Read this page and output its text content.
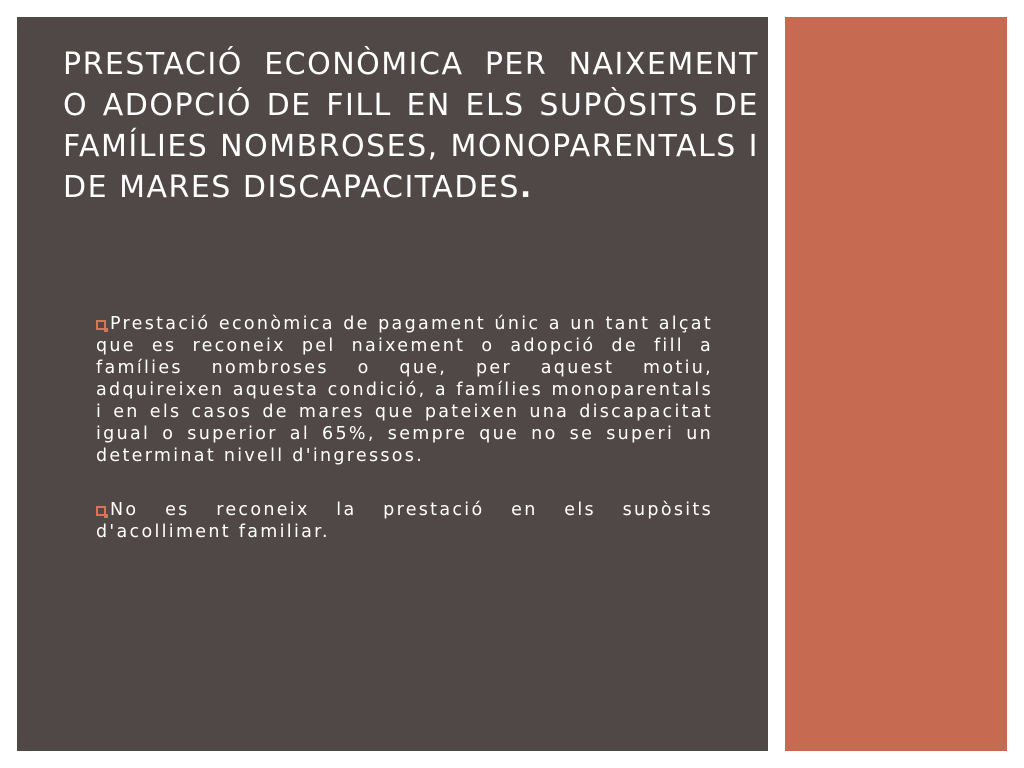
PRESTACIÓ ECONÒMICA PER NAIXEMENT O ADOPCIÓ DE FILL EN ELS SUPÒSITS DE FAMÍLIES NOMBROSES, MONOPARENTALS I DE MARES DISCAPACITADES.
Prestació econòmica de pagament únic a un tant alçat que es reconeix pel naixement o adopció de fill a famílies nombroses o que, per aquest motiu, adquireixen aquesta condició, a famílies monoparentals i en els casos de mares que pateixen una discapacitat igual o superior al 65%, sempre que no se superi un determinat nivell d'ingressos.
No es reconeix la prestació en els supòsits d'acolliment familiar.
